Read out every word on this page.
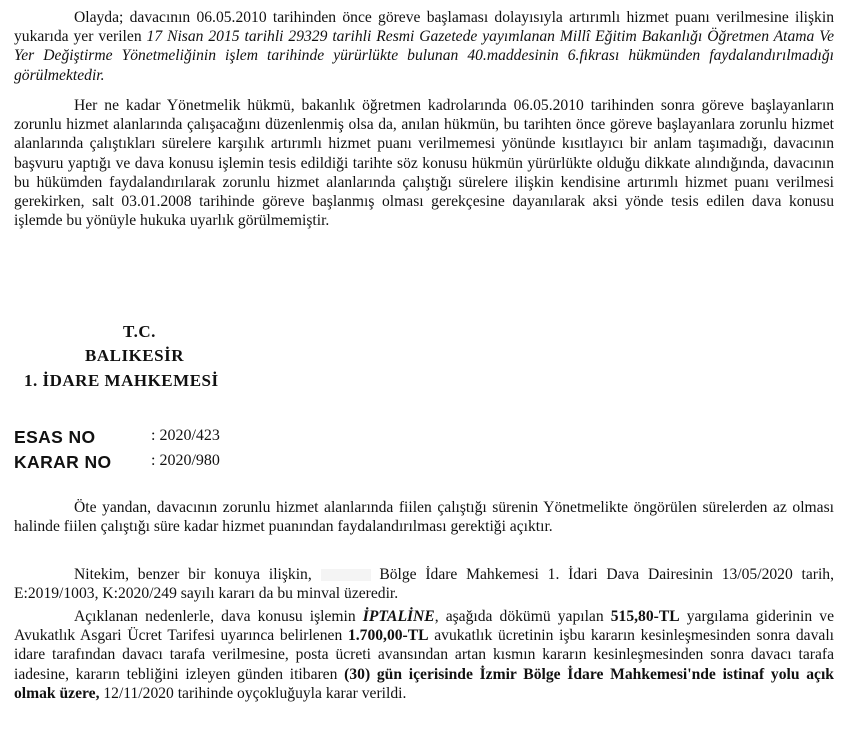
Olayda; davacının 06.05.2010 tarihinden önce göreve başlaması dolayısıyla artırımlı hizmet puanı verilmesine ilişkin yukarıda yer verilen 17 Nisan 2015 tarihli 29329 tarihli Resmi Gazetede yayımlanan Millî Eğitim Bakanlığı Öğretmen Atama Ve Yer Değiştirme Yönetmeliğinin işlem tarihinde yürürlükte bulunan 40.maddesinin 6.fıkrası hükmünden faydalandırılmadığı görülmektedir.

Her ne kadar Yönetmelik hükmü, bakanlık öğretmen kadrolarında 06.05.2010 tarihinden sonra göreve başlayanların zorunlu hizmet alanlarında çalışacağını düzenlenmiş olsa da, anılan hükmün, bu tarihten önce göreve başlayanlara zorunlu hizmet alanlarında çalıştıkları sürelere karşılık artırımlı hizmet puanı verilmemesi yönünde kısıtlayıcı bir anlam taşımadığı, davacının başvuru yaptığı ve dava konusu işlemin tesis edildiği tarihte söz konusu hükmün yürürlükte olduğu dikkate alındığında, davacının bu hükümden faydalandırılarak zorunlu hizmet alanlarında çalıştığı sürelere ilişkin kendisine artırımlı hizmet puanı verilmesi gerekirken, salt 03.01.2008 tarihinde göreve başlanmış olması gerekçesine dayanılarak aksi yönde tesis edilen dava konusu işlemde bu yönüyle hukuka uyarlık görülmemiştir.

T.C.
BALIKESİR
1. İDARE MAHKEMESİ
ESAS NO	: 2020/423
KARAR NO : 2020/980

Öte yandan, davacının zorunlu hizmet alanlarında fiilen çalıştığı sürenin Yönetmelikte öngörülen sürelerden az olması halinde fiilen çalıştığı süre kadar hizmet puanından faydalandırılması gerektiği açıktır.

Nitekim, benzer bir konuya ilişkin,	Bölge İdare Mahkemesi 1. İdari Dava Dairesinin 13/05/2020 tarih, E:2019/1003, K:2020/249 sayılı kararı da bu minval üzeredir.

Açıklanan nedenlerle, dava konusu işlemin İPTALİNE, aşağıda dökümü yapılan 515,80-TL yargılama giderinin ve Avukatlık Asgari Ücret Tarifesi uyarınca belirlenen 1.700,00-TL avukatlık ücretinin işbu kararın kesinleşmesinden sonra davalı idare tarafından davacı tarafa verilmesine, posta ücreti avansından artan kısmın kararın kesinleşmesinden sonra davacı tarafa iadesine, kararın tebliğini izleyen günden itibaren (30) gün içerisinde İzmir Bölge İdare Mahkemesi'nde istinaf yolu açık olmak üzere, 12/11/2020 tarihinde oyçokluğuyla karar verildi.
